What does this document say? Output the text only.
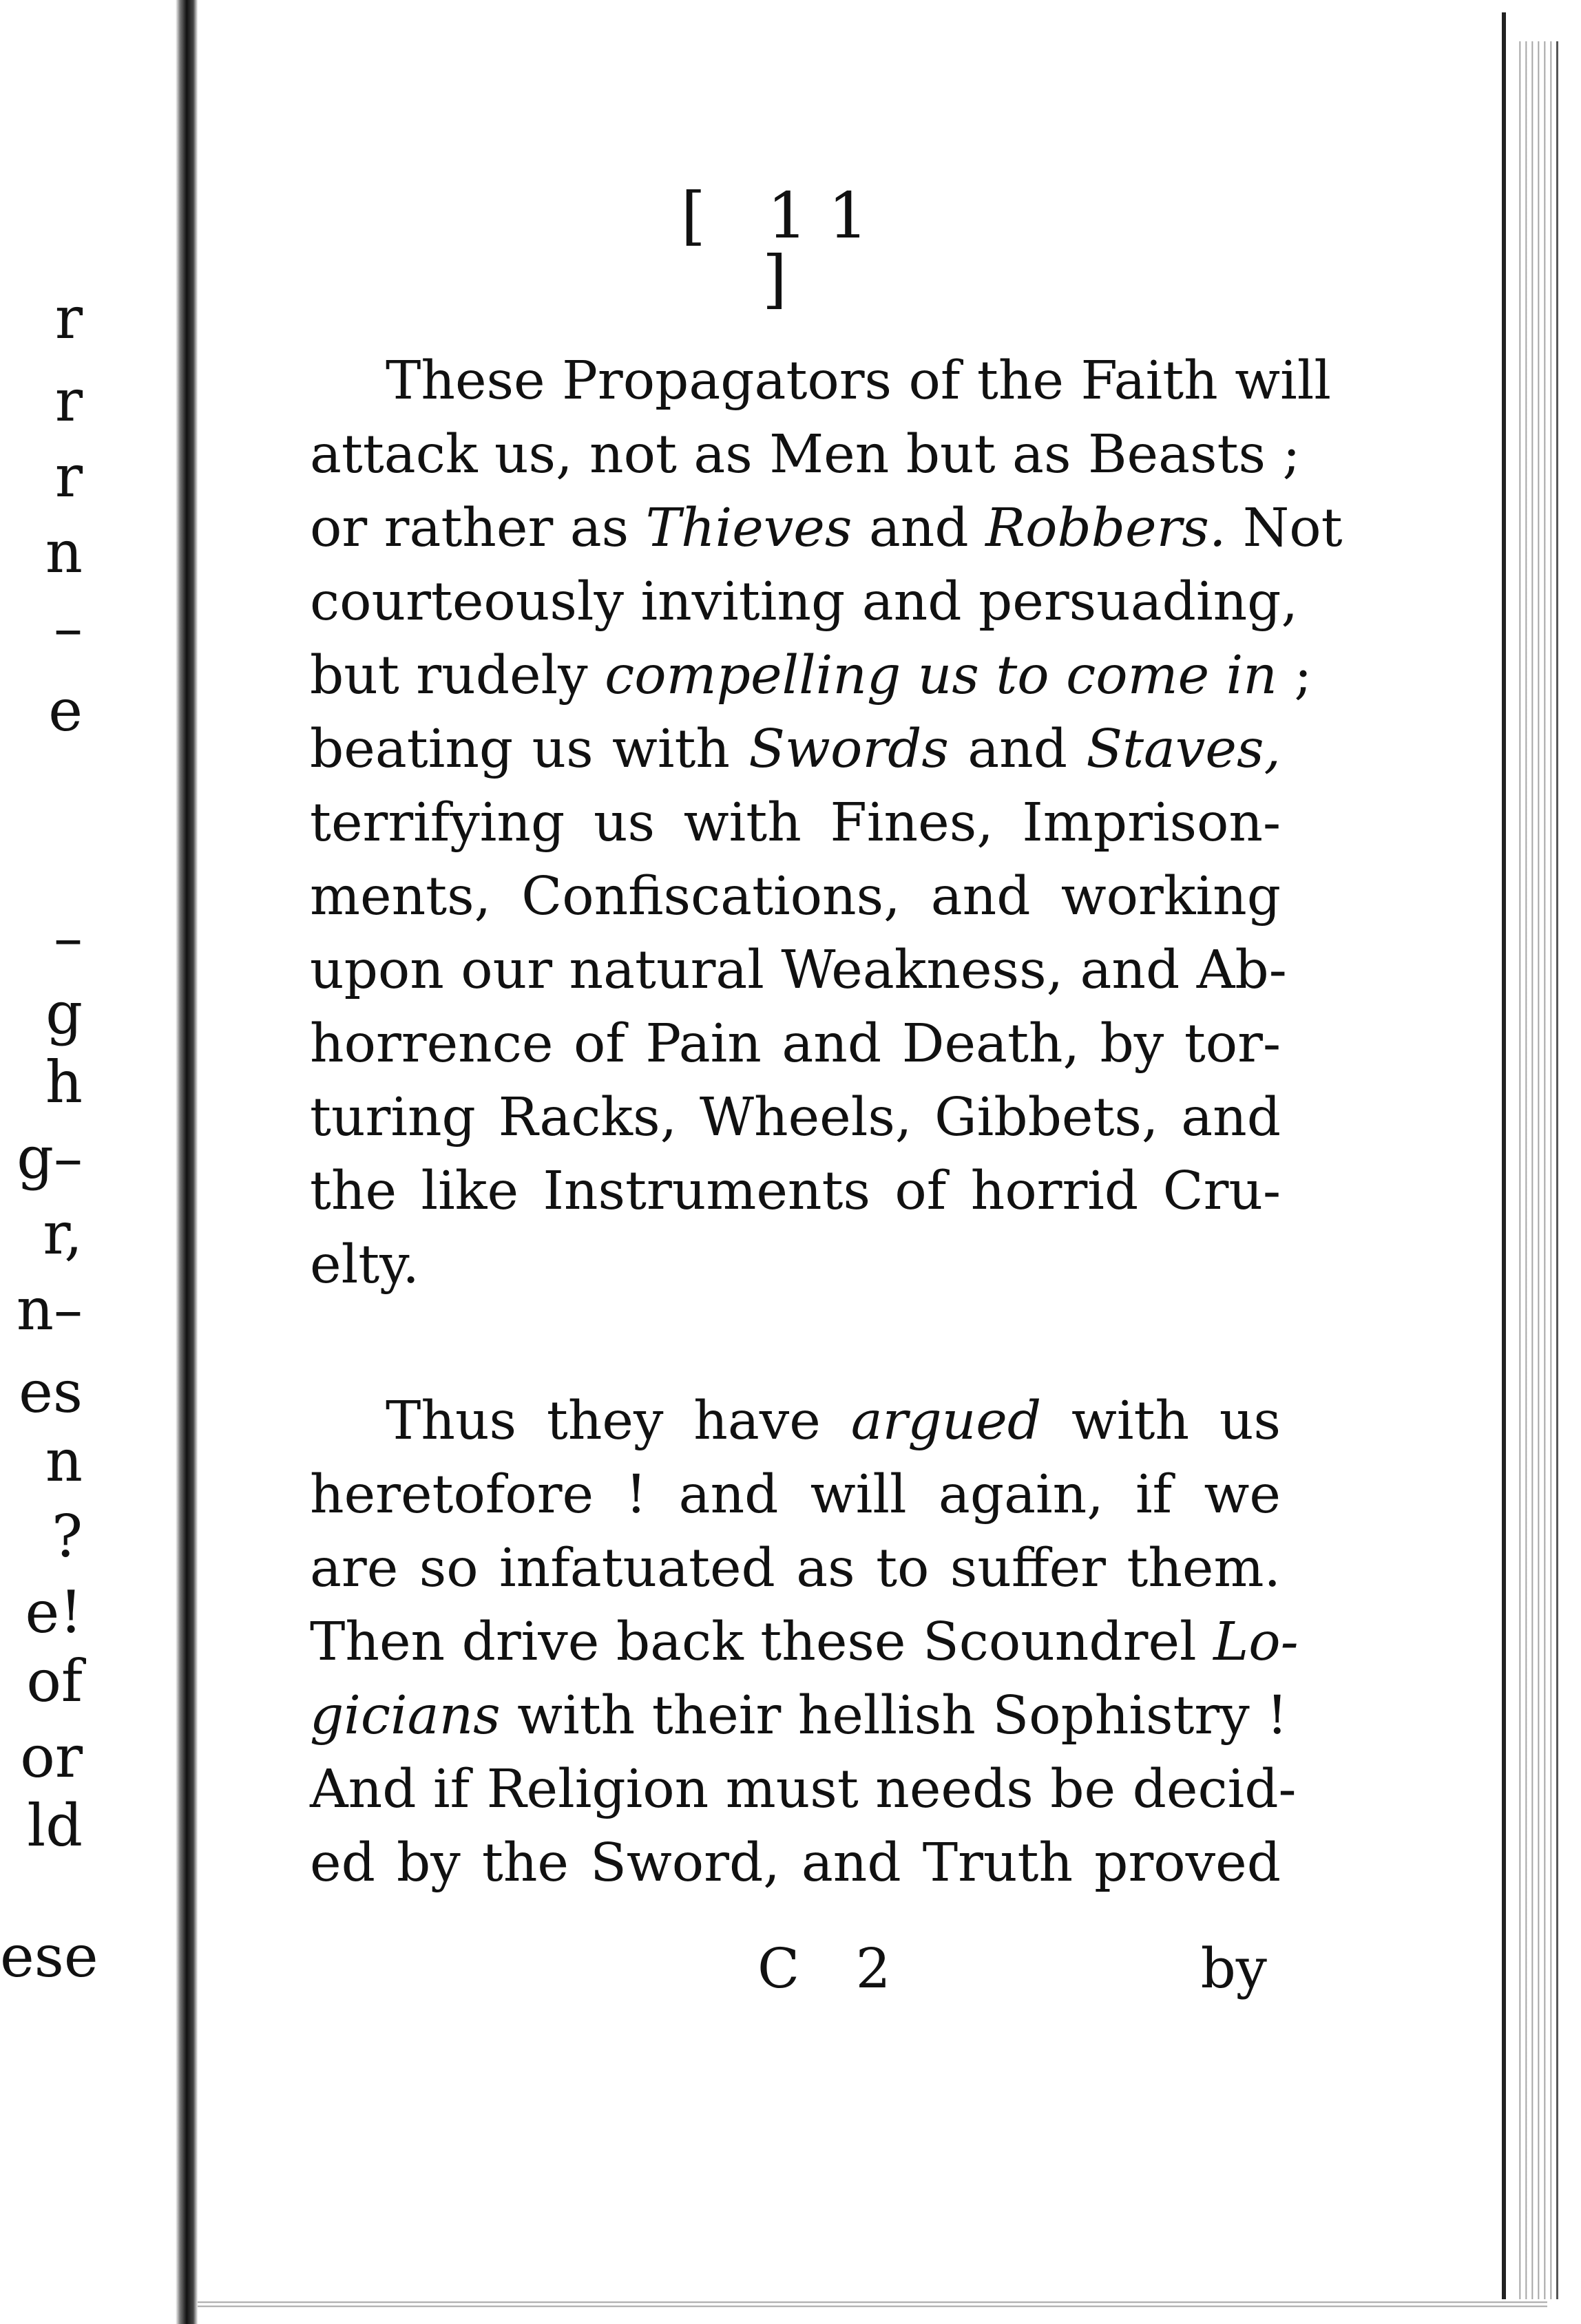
r
r
r
n
–
e
–
g
h
g–
r,
n–
es
n
?
e!
of
or
ld
ese
[ 11 ]

These Propagators of the Faith will
attack us, not as Men but as Beasts ;
or rather as Thieves and Robbers. Not
courteously inviting and persuading,
but rudely compelling us to come in ;
beating us with Swords and Staves,
terrifying us with Fines, Imprison-
ments, Confiscations, and working
upon our natural Weakness, and Ab-
horrence of Pain and Death, by tor-
turing Racks, Wheels, Gibbets, and
the like Instruments of horrid Cru-
elty.

Thus they have argued with us
heretofore ! and will again, if we
are so infatuated as to suffer them.
Then drive back these Scoundrel Lo-
gicians with their hellish Sophistry !
And if Religion must needs be decid-
ed by the Sword, and Truth proved

C 2	by
